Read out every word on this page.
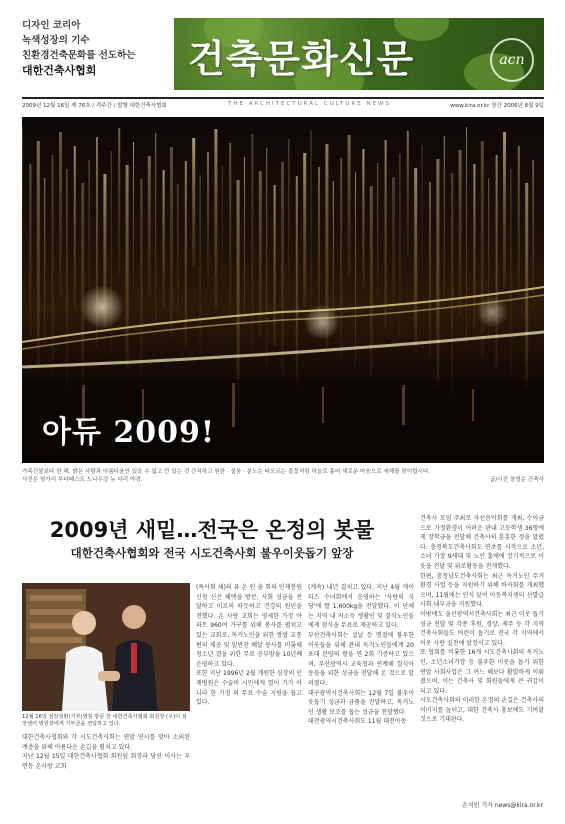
디자인 코리아
녹색성장의 기수
친환경건축문화를 선도하는
대한건축사협회	건축문화신문	acn
2009년 12월 16일 제 76호 / 격주간 / 발행 대한건축사협회	THE ARCHITECTURAL CULTURE NEWS	www.kira.or.kr 창간 2006년 8월 9일
아듀 2009!
가족건물보다 한 해, 밝은 사람과 아름다움만 있을 수 없고 만 있는 것 간직하고 원한 · 설움 · 분노는 타오르는 불꽃처럼 하늘로 흩어 새로운 마음으로 새해를 맞이합시다.
사진은 헝가리 부다페스트 도나우강 뉴 다리 야경.	글/사진 장영순 건축사
2009년 새밑…전국은 온정의 봇물
대한건축사협회와 전국 시도건축사회 불우이웃돕기 앞장
12월 16일 심장질환(기부)병원 방문 한 대한건축사협회 회원장 (우)이 심장센터 병원장에게 기부금을 전달하고 있다.

대한건축사협회와 각 시도건축사회는 연말 연시를 맞아 소외된 계층을 위해 아름다운 손길을 펼치고 있다.

지난 12월 15일 대한건축사협회 회원임 회장과 당선 이사는 우면동 온사랑 교회

(특사회 세)의 유 온 인 을 회의 인재봉원 신청 신선 혜택을 방문, 사회 성금을 전달하고 이로의 따듯하고 건강의 원인을 전했다. 온 사랑 교회는 영세한 가정 아파트 960여 가구를 위해 봉사를 펼치고 있는 교회로, 독거노인을 위한 쌍팝 교통 편의 제공 및 밑반찬 배달 봉사를 비롯해 청소년 결을 위한 무료 공부방을 10년째 운영하고 있다.

또한 지난 1996년 2월 개원한 심장의 인재병원은 수술비 시민에게 열어 기가 아니라 한 가정 의 무료 수술 지원을 돕고 있다.

(계속) 내년 결치고 있다. 지난 4월 캐이티스 수녀회에서 운영하는 '사랑의 식당'에 쌀 1,600kg을 전달했다. 이 단체는 지역 내 저소득 생활인 및 결식노인들에게 점식을 무료로 제공하고 있다.

부산건축사회는 설날 등 명절에 불우한 이웃들을 위해 관내 독거노인들에게 20포대 분량의 쌀을 연 2회 기증하고 있으며, 부산광역시 교육청과 연계해 결식아동들을 위한 성금을 전달해 온 것으로 알려졌다.

대구광역시건축사회는 12월 7일 불우이웃돕기 성금과 금품을 전달하고, 독거노인 생활 보조를 돕는 성금을 전달했다.

대전광역시건축사회도 11월 대전아동

건축사 모임 주최로 자선음악회를 개최, 수익금으로 가정환경이 어려운 관내 고등학생 36명에게 장학금을 전달해 건축사의 훈훈한 정을 알렸다. 충청북도건축사회도 연초를 시작으로 소년, 소녀 가장 9세대 및 노인 홈에에 장기적으로 이웃을 전달 및 위로활동을 전개했다.

한편, 충청남도건축사회는 최근 독거노인 주거환경 사업 등을 지원하기 위해 바자회를 개최했으며, 11월에는 인식 앞이 아동복지센터 선발급사회 내부금을 지원했다.

이밖에도 울산광역시건축사회는 최근 이웃 돕기 성금 전달 및 각종 후원, 경상, 제주 등 각 지역 건축사회들도 어린이 돕기로 전국 각 지역에서 이웃 사랑 실천에 앞장서고 있다.

또 협회를 비롯한 16개 시도건축사회의 독거노인, 소년소녀가장 등 불우한 이웃을 돕기 위한 연말 사회사업은 그 어느 해보다 활발하게 이뤄졌으며, 이는 건축사 및 회원들에게 큰 귀감이 되고 있다.

시도건축사회의 이러한 온정의 손길은 건축사의 이미지를 높이고, 대한 건축사 홍보에도 기여할 것으로 기대된다.

손석원 기자 news@kira.or.kr
